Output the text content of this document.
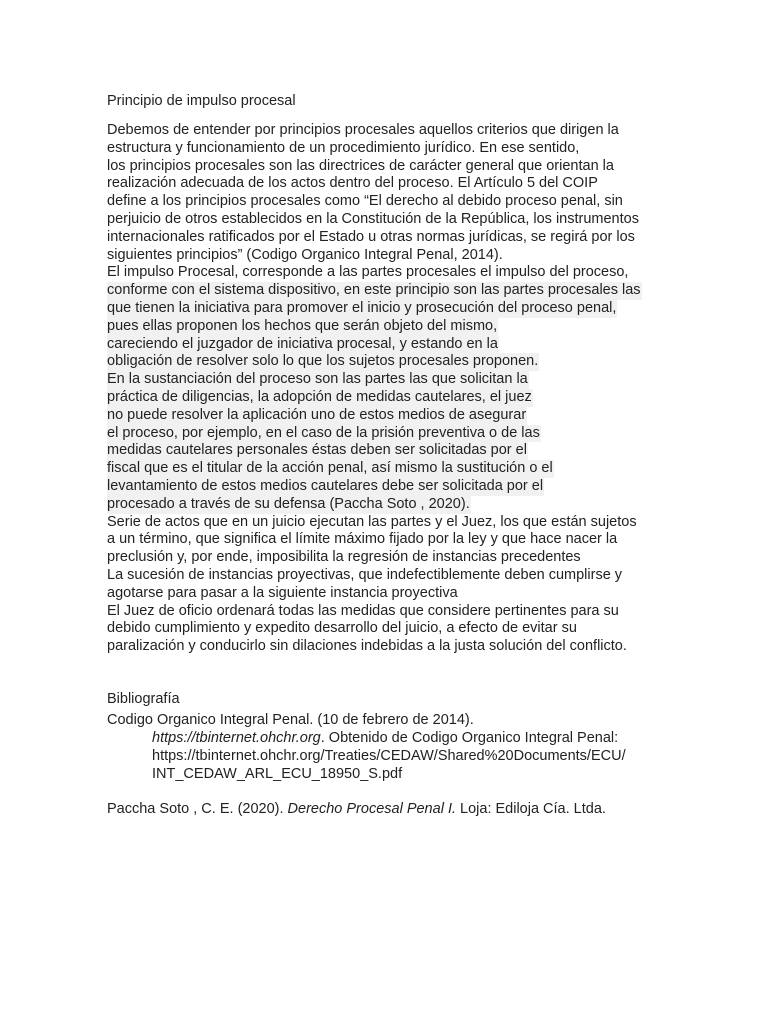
Principio de impulso procesal
Debemos de entender por principios procesales aquellos criterios que dirigen la
estructura y funcionamiento de un procedimiento jurídico. En ese sentido,
los principios procesales son las directrices de carácter general que orientan la
realización adecuada de los actos dentro del proceso. El Artículo 5 del COIP
define a los principios procesales como “El derecho al debido proceso penal, sin
perjuicio de otros establecidos en la Constitución de la República, los instrumentos
internacionales ratificados por el Estado u otras normas jurídicas, se regirá por los
siguientes principios” (Codigo Organico Integral Penal, 2014).
El impulso Procesal, corresponde a las partes procesales el impulso del proceso,
conforme con el sistema dispositivo, en este principio son las partes procesales las
que tienen la iniciativa para promover el inicio y prosecución del proceso penal,
pues ellas proponen los hechos que serán objeto del mismo,
careciendo el juzgador de iniciativa procesal, y estando en la
obligación de resolver solo lo que los sujetos procesales proponen.
En la sustanciación del proceso son las partes las que solicitan la
práctica de diligencias, la adopción de medidas cautelares, el juez
no puede resolver la aplicación uno de estos medios de asegurar
el proceso, por ejemplo, en el caso de la prisión preventiva o de las
medidas cautelares personales éstas deben ser solicitadas por el
fiscal que es el titular de la acción penal, así mismo la sustitución o el
levantamiento de estos medios cautelares debe ser solicitada por el
procesado a través de su defensa (Paccha Soto , 2020).
Serie de actos que en un juicio ejecutan las partes y el Juez, los que están sujetos
a un término, que significa el límite máximo fijado por la ley y que hace nacer la
preclusión y, por ende, imposibilita la regresión de instancias precedentes
La sucesión de instancias proyectivas, que indefectiblemente deben cumplirse y
agotarse para pasar a la siguiente instancia proyectiva
El Juez de oficio ordenará todas las medidas que considere pertinentes para su
debido cumplimiento y expedito desarrollo del juicio, a efecto de evitar su
paralización y conducirlo sin dilaciones indebidas a la justa solución del conflicto.
Bibliografía
Codigo Organico Integral Penal. (10 de febrero de 2014).
https://tbinternet.ohchr.org. Obtenido de Codigo Organico Integral Penal:
https://tbinternet.ohchr.org/Treaties/CEDAW/Shared%20Documents/ECU/
INT_CEDAW_ARL_ECU_18950_S.pdf
Paccha Soto , C. E. (2020). Derecho Procesal Penal I. Loja: Ediloja Cía. Ltda.
